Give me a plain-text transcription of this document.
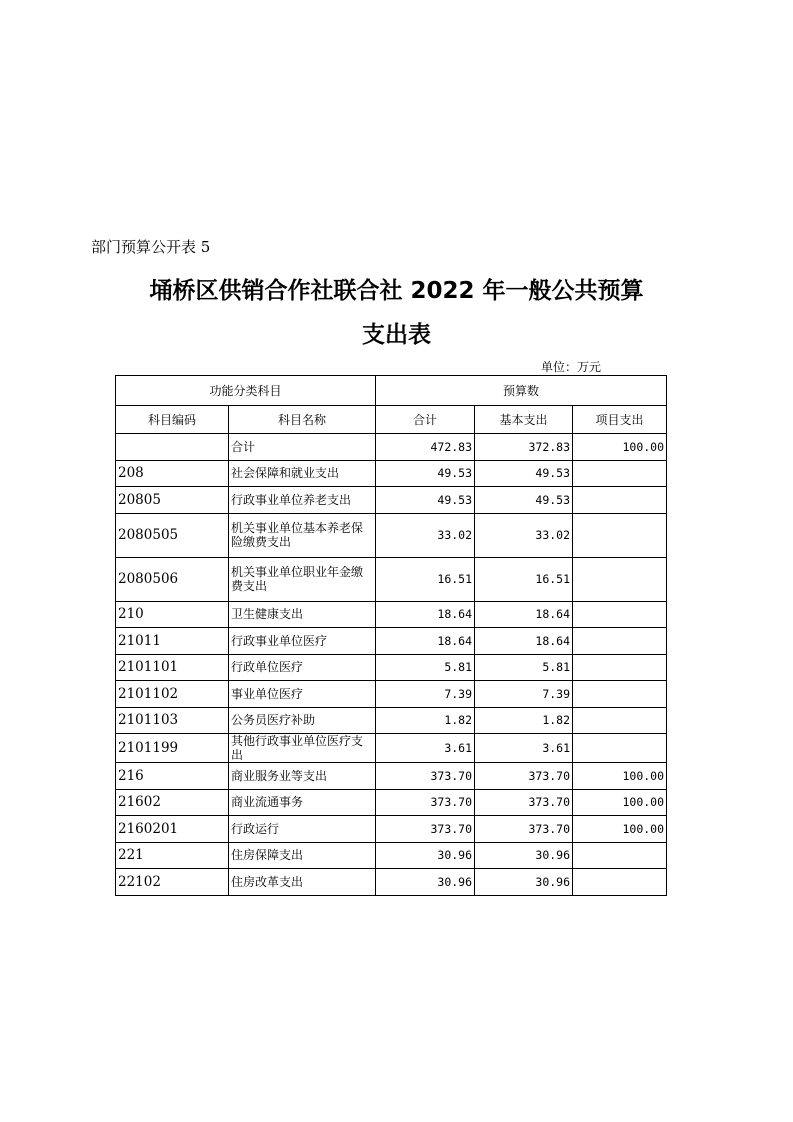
部门预算公开表 5
埇桥区供销合作社联合社 2022 年一般公共预算
支出表
单位：万元
功能分类科目		预算数		
科目编码	科目名称	合计	基本支出	项目支出
	合计	472.83	372.83	100.00
208	社会保障和就业支出	49.53	49.53	
20805	行政事业单位养老支出	49.53	49.53	
2080505	机关事业单位基本养老保险缴费支出	33.02	33.02	
2080506	机关事业单位职业年金缴费支出	16.51	16.51	
210	卫生健康支出	18.64	18.64	
21011	行政事业单位医疗	18.64	18.64	
2101101	行政单位医疗	5.81	5.81	
2101102	事业单位医疗	7.39	7.39	
2101103	公务员医疗补助	1.82	1.82	
2101199	其他行政事业单位医疗支出	3.61	3.61	
216	商业服务业等支出	373.70	373.70	100.00
21602	商业流通事务	373.70	373.70	100.00
2160201	行政运行	373.70	373.70	100.00
221	住房保障支出	30.96	30.96	
22102	住房改革支出	30.96	30.96	
